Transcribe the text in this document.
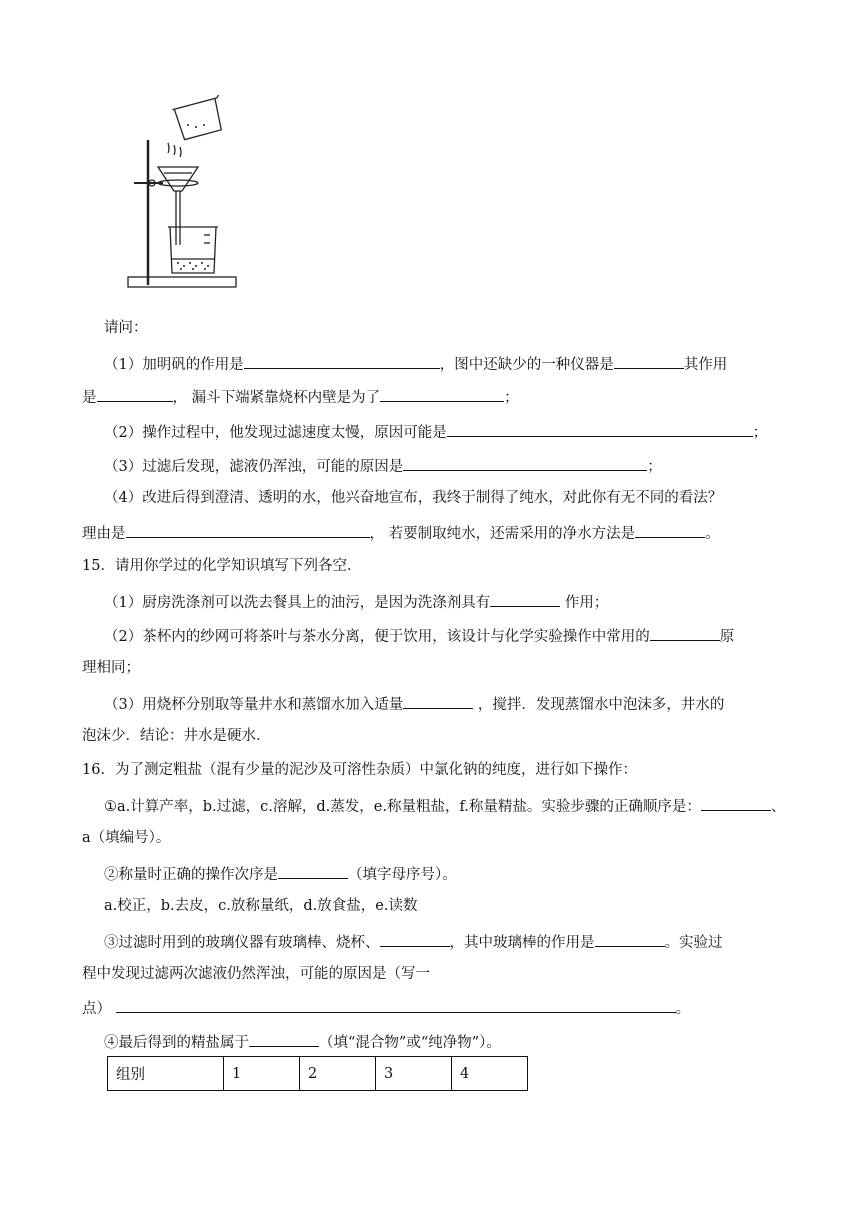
请问：
（1）加明矾的作用是	，图中还缺少的一种仪器是	其作用
是	， 漏斗下端紧靠烧杯内壁是为了	；
（2）操作过程中，他发现过滤速度太慢，原因可能是	；
（3）过滤后发现，滤液仍浑浊，可能的原因是	；
（4）改进后得到澄清、透明的水，他兴奋地宣布，我终于制得了纯水，对此你有无不同的看法？
理由是	， 若要制取纯水，还需采用的净水方法是	。
15．请用你学过的化学知识填写下列各空．
（1）厨房洗涤剂可以洗去餐具上的油污，是因为洗涤剂具有	作用；
（2）茶杯内的纱网可将茶叶与茶水分离，便于饮用，该设计与化学实验操作中常用的	原
理相同；
（3）用烧杯分别取等量井水和蒸馏水加入适量	，搅拌．发现蒸馏水中泡沫多，井水的
泡沫少．结论：井水是硬水．
16．为了测定粗盐（混有少量的泥沙及可溶性杂质）中氯化钠的纯度，进行如下操作：
①a.计算产率，b.过滤，c.溶解，d.蒸发，e.称量粗盐，f.称量精盐。实验步骤的正确顺序是：	、
a（填编号）。
②称量时正确的操作次序是	（填字母序号）。
a.校正，b.去皮，c.放称量纸，d.放食盐，e.读数
③过滤时用到的玻璃仪器有玻璃棒、烧杯、	，其中玻璃棒的作用是	。实验过
程中发现过滤两次滤液仍然浑浊，可能的原因是（写一
点）	。
④最后得到的精盐属于	（填“混合物”或“纯净物”）。
组别	1	2	3	4
